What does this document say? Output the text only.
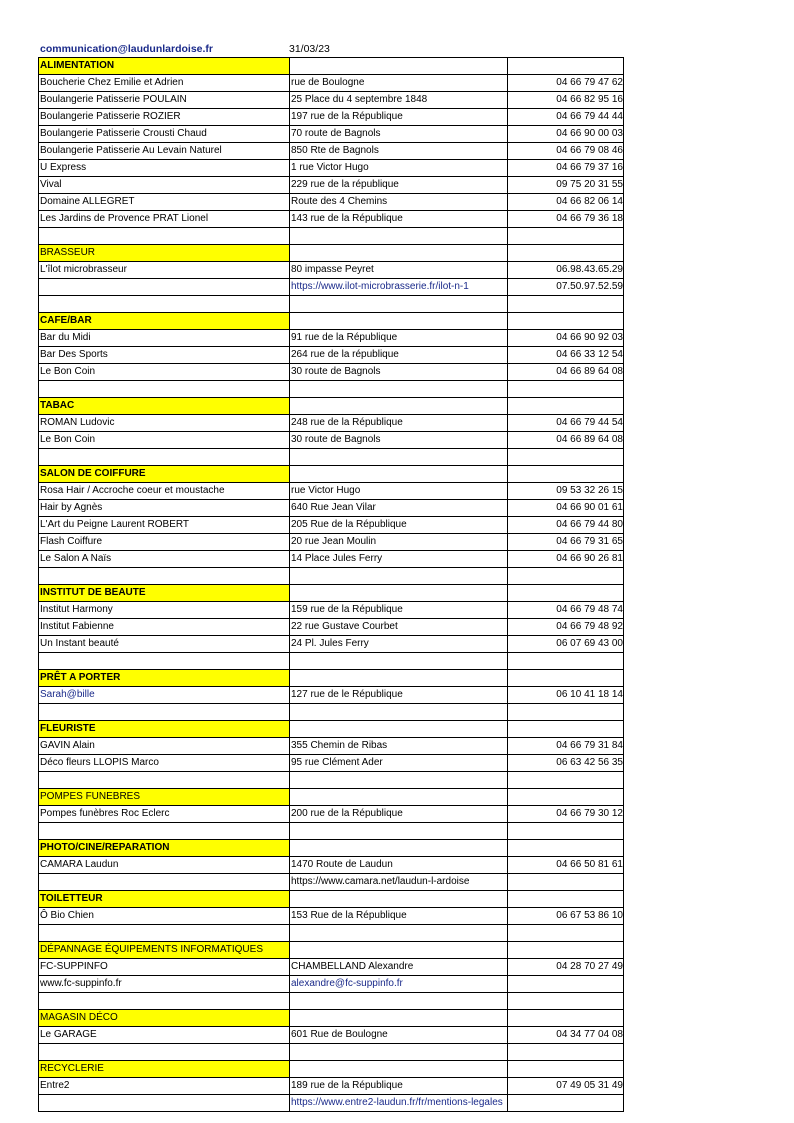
communication@laudunlardoise.fr	31/03/23
ALIMENTATION		
Boucherie Chez Emilie et Adrien	rue de Boulogne	04 66 79 47 62
Boulangerie Patisserie POULAIN	25 Place du 4 septembre 1848	04 66 82 95 16
Boulangerie Patisserie ROZIER	197 rue de la République	04 66 79 44 44
Boulangerie Patisserie Crousti Chaud	70 route de Bagnols	04 66 90 00 03
Boulangerie Patisserie Au Levain Naturel	850 Rte de Bagnols	04 66 79 08 46
U Express	1 rue Victor Hugo	04 66 79 37 16
Vival	229 rue de la république	09 75 20 31 55
Domaine ALLEGRET	Route des 4 Chemins	04 66 82 06 14
Les Jardins de Provence PRAT Lionel	143 rue de la République	04 66 79 36 18

BRASSEUR		
L'îlot microbrasseur	80 impasse Peyret	06.98.43.65.29
	https://www.ilot-microbrasserie.fr/ilot-n-1	07.50.97.52.59

CAFE/BAR		
Bar du Midi	91 rue de la République	04 66 90 92 03
Bar Des Sports	264 rue de la république	04 66 33 12 54
Le Bon Coin	30 route de Bagnols	04 66 89 64 08

TABAC		
ROMAN Ludovic	248 rue de la République	04 66 79 44 54
Le Bon Coin	30 route de Bagnols	04 66 89 64 08

SALON DE COIFFURE		
Rosa Hair / Accroche coeur et moustache	rue Victor Hugo	09 53 32 26 15
Hair by Agnès	640 Rue Jean Vilar	04 66 90 01 61
L'Art du Peigne Laurent ROBERT	205 Rue de la République	04 66 79 44 80
Flash Coiffure	20 rue Jean Moulin	04 66 79 31 65
Le Salon A Naïs	14 Place Jules Ferry	04 66 90 26 81

INSTITUT DE BEAUTE		
Institut Harmony	159 rue de la République	04 66 79 48 74
Institut Fabienne	22 rue Gustave Courbet	04 66 79 48 92
Un Instant beauté	24 Pl. Jules Ferry	06 07 69 43 00

PRÊT A PORTER		
Sarah@bille	127 rue de le République	06 10 41 18 14

FLEURISTE		
GAVIN Alain	355 Chemin de Ribas	04 66 79 31 84
Déco fleurs LLOPIS Marco	95 rue Clément Ader	06 63 42 56 35

POMPES FUNEBRES		
Pompes funèbres Roc Eclerc	200 rue de la République	04 66 79 30 12

PHOTO/CINE/REPARATION		
CAMARA Laudun	1470 Route de Laudun	04 66 50 81 61
	https://www.camara.net/laudun-l-ardoise	
TOILETTEUR		
Ô Bio Chien	153 Rue de la République	06 67 53 86 10

DÉPANNAGE ÉQUIPEMENTS INFORMATIQUES		
FC-SUPPINFO	CHAMBELLAND Alexandre	04 28 70 27 49
www.fc-suppinfo.fr	alexandre@fc-suppinfo.fr	

MAGASIN DÉCO		
Le GARAGE	601 Rue de Boulogne	04 34 77 04 08

RECYCLERIE		
Entre2	189 rue de la République	07 49 05 31 49
	https://www.entre2-laudun.fr/fr/mentions-legales	
